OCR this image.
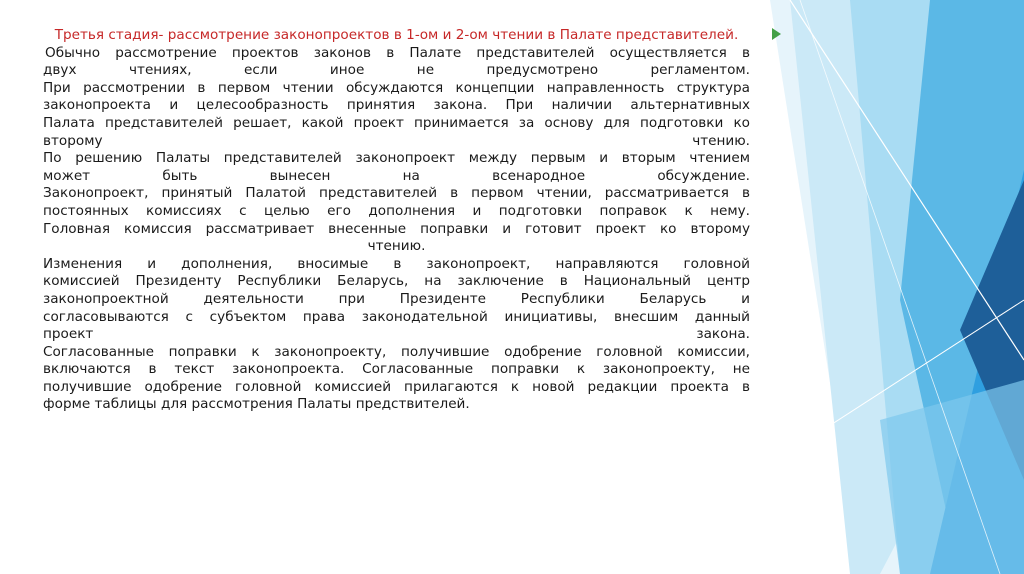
Третья стадия- рассмотрение законопроектов в 1-ом и 2-ом чтении в Палате представителей.

Обычно рассмотрение проектов законов в Палате представителей осуществляется в

двух чтениях, если иное не предусмотрено регламентом.

При рассмотрении в первом чтении обсуждаются концепции направленность структура

законопроекта и целесообразность принятия закона. При наличии альтернативных

Палата представителей решает, какой проект принимается за основу для подготовки ко

второму чтению.

По решению Палаты представителей законопроект между первым и вторым чтением

может быть вынесен на всенародное обсуждение.

Законопроект, принятый Палатой представителей в первом чтении, рассматривается в

постоянных комиссиях с целью его дополнения и подготовки поправок к нему.

Головная комиссия рассматривает внесенные поправки и готовит проект ко второму

чтению.

Изменения и дополнения, вносимые в законопроект, направляются головной

комиссией Президенту Республики Беларусь, на заключение в Национальный центр

законопроектной деятельности при Президенте Республики Беларусь и

согласовываются с субъектом права законодательной инициативы, внесшим данный

проект закона.

Согласованные поправки к законопроекту, получившие одобрение головной комиссии,

включаются в текст законопроекта. Согласованные поправки к законопроекту, не

получившие одобрение головной комиссией прилагаются к новой редакции проекта в

форме таблицы для рассмотрения Палаты предствителей.
